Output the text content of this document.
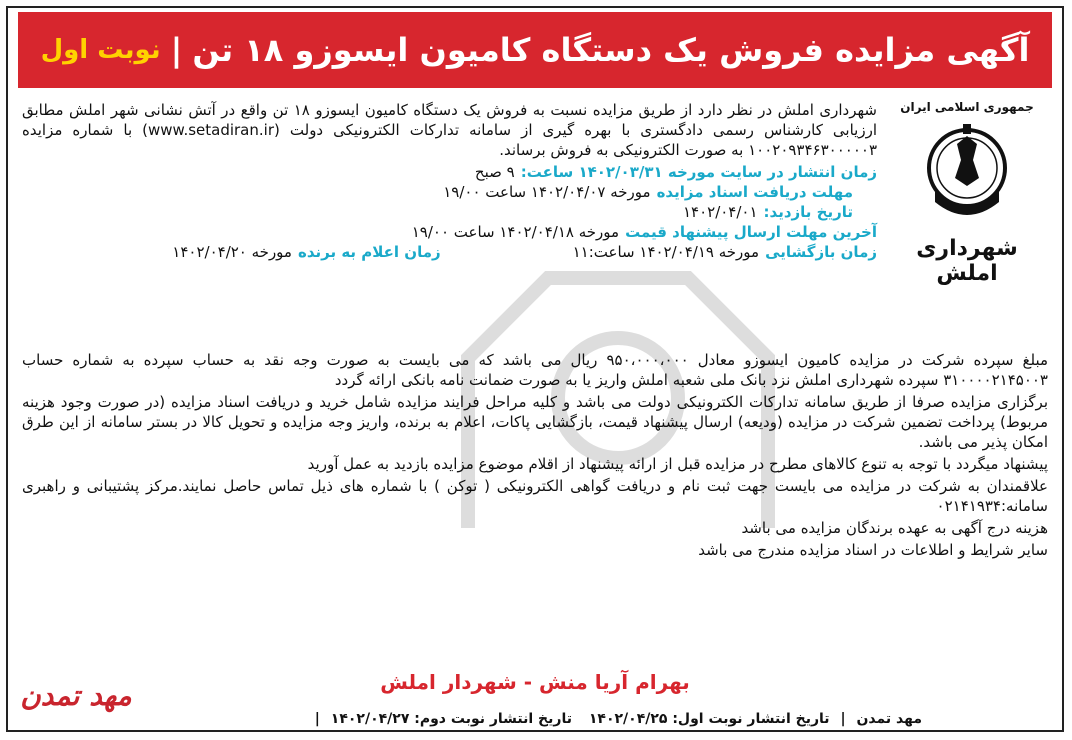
آگهی مزایده فروش یک دستگاه کامیون ایسوزو ۱۸ تن
|
نوبت اول
جمهوری اسلامی ایران
شهرداری املش

شهرداری املش در نظر دارد از طریق مزایده نسبت به فروش یک دستگاه کامیون ایسوزو ۱۸ تن واقع در آتش نشانی شهر املش مطابق ارزیابی کارشناس رسمی دادگستری با بهره گیری از سامانه تدارکات الکترونیکی دولت (www.setadiran.ir) با شماره مزایده ۱۰۰۲۰۹۳۴۶۳۰۰۰۰۰۳ به صورت الکترونیکی به فروش برساند.

زمان انتشار در سایت مورخه ۱۴۰۲/۰۳/۳۱ ساعت:
۹ صبح
مهلت دریافت اسناد مزایده
مورخه ۱۴۰۲/۰۴/۰۷ ساعت ۱۹/۰۰
تاریخ بازدید:
۱۴۰۲/۰۴/۰۱
آخرین مهلت ارسال پیشنهاد قیمت
مورخه ۱۴۰۲/۰۴/۱۸ ساعت ۱۹/۰۰
زمان بازگشایی
مورخه ۱۴۰۲/۰۴/۱۹ ساعت:۱۱
زمان اعلام به برنده
مورخه ۱۴۰۲/۰۴/۲۰

مبلغ سپرده شرکت در مزایده کامیون ایسوزو معادل ۹۵۰،۰۰۰،۰۰۰ ریال می باشد که می بایست به صورت وجه نقد به حساب سپرده به شماره حساب ۳۱۰۰۰۰۲۱۴۵۰۰۳ سپرده شهرداری املش نزد بانک ملی شعبه املش واریز یا به صورت ضمانت نامه بانکی ارائه گردد

برگزاری مزایده صرفا از طریق سامانه تدارکات الکترونیکی دولت می باشد و کلیه مراحل فرایند مزایده شامل خرید و دریافت اسناد مزایده (در صورت وجود هزینه مربوط) پرداخت تضمین شرکت در مزایده (ودیعه) ارسال پیشنهاد قیمت، بازگشایی پاکات، اعلام به برنده، واریز وجه مزایده و تحویل کالا در بستر سامانه از این طرق امکان پذیر می باشد.

پیشنهاد میگردد با توجه به تنوع کالاهای مطرح در مزایده قبل از ارائه پیشنهاد از اقلام موضوع مزایده بازدید به عمل آورید

علاقمندان به شرکت در مزایده می بایست جهت ثبت نام و دریافت گواهی الکترونیکی ( توکن ) با شماره های ذیل تماس حاصل نمایند.مرکز پشتیبانی و راهبری سامانه:۰۲۱۴۱۹۳۴

هزینه درج آگهی به عهده برندگان مزایده می باشد

سایر شرایط و اطلاعات در اسناد مزایده مندرج می باشد

بهرام آریا منش - شهردار املش
مهد تمدن | تاریخ انتشار نوبت اول: ۱۴۰۲/۰۴/۲۵ تاریخ انتشار نوبت دوم: ۱۴۰۲/۰۴/۲۷ |
مهد تمدن
